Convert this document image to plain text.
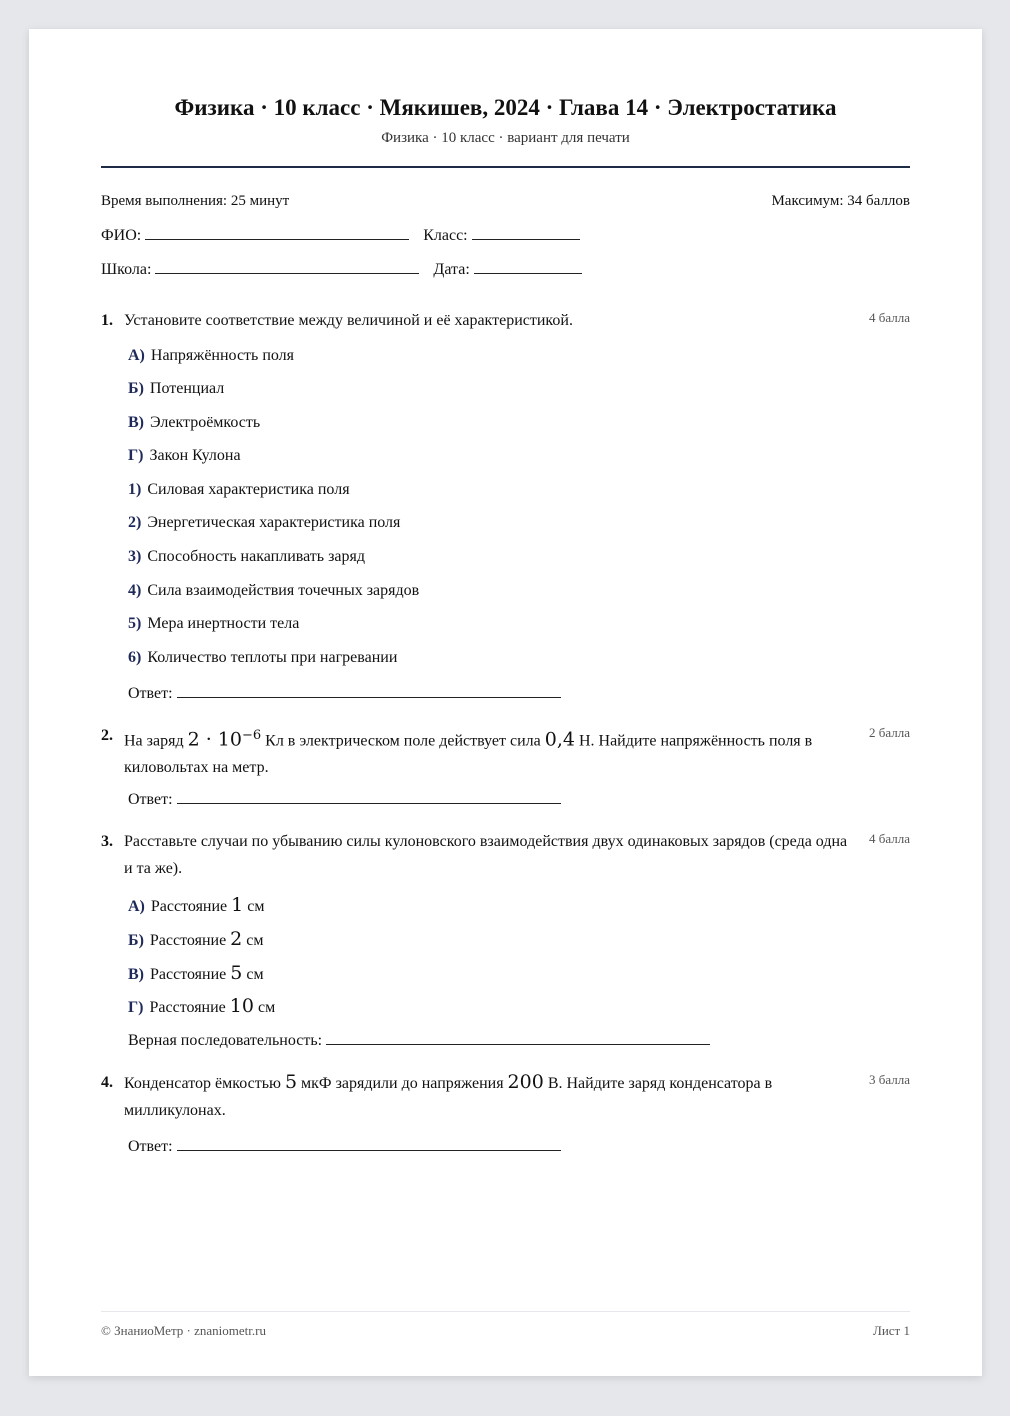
Физика · 10 класс · Мякишев, 2024 · Глава 14 · Электростатика
Физика · 10 класс · вариант для печати
Время выполнения: 25 минут	Максимум: 34 баллов
ФИО:	Класс:
Школа:	Дата:
1. Установите соответствие между величиной и её характеристикой.	4 балла
А) Напряжённость поля
Б) Потенциал
В) Электроёмкость
Г) Закон Кулона
1) Силовая характеристика поля
2) Энергетическая характеристика поля
3) Способность накапливать заряд
4) Сила взаимодействия точечных зарядов
5) Мера инертности тела
6) Количество теплоты при нагревании
Ответ:
2. На заряд $2 \cdot 10^{-6}$ Кл в электрическом поле действует сила 0,4 Н. Найдите напряжённость поля в киловольтах на метр.
2 балла
Ответ:
3. Расставьте случаи по убыванию силы кулоновского взаимодействия двух одинаковых зарядов (среда одна и та же).
4 балла
А) Расстояние 1 см
Б) Расстояние 2 см
В) Расстояние 5 см
Г) Расстояние 10 см
Верная последовательность:
4. Конденсатор ёмкостью 5 мкФ зарядили до напряжения 200 В. Найдите заряд конденсатора в милликулонах.
3 балла
Ответ:
© ЗнаниоМетр · znaniometr.ru	Лист 1
